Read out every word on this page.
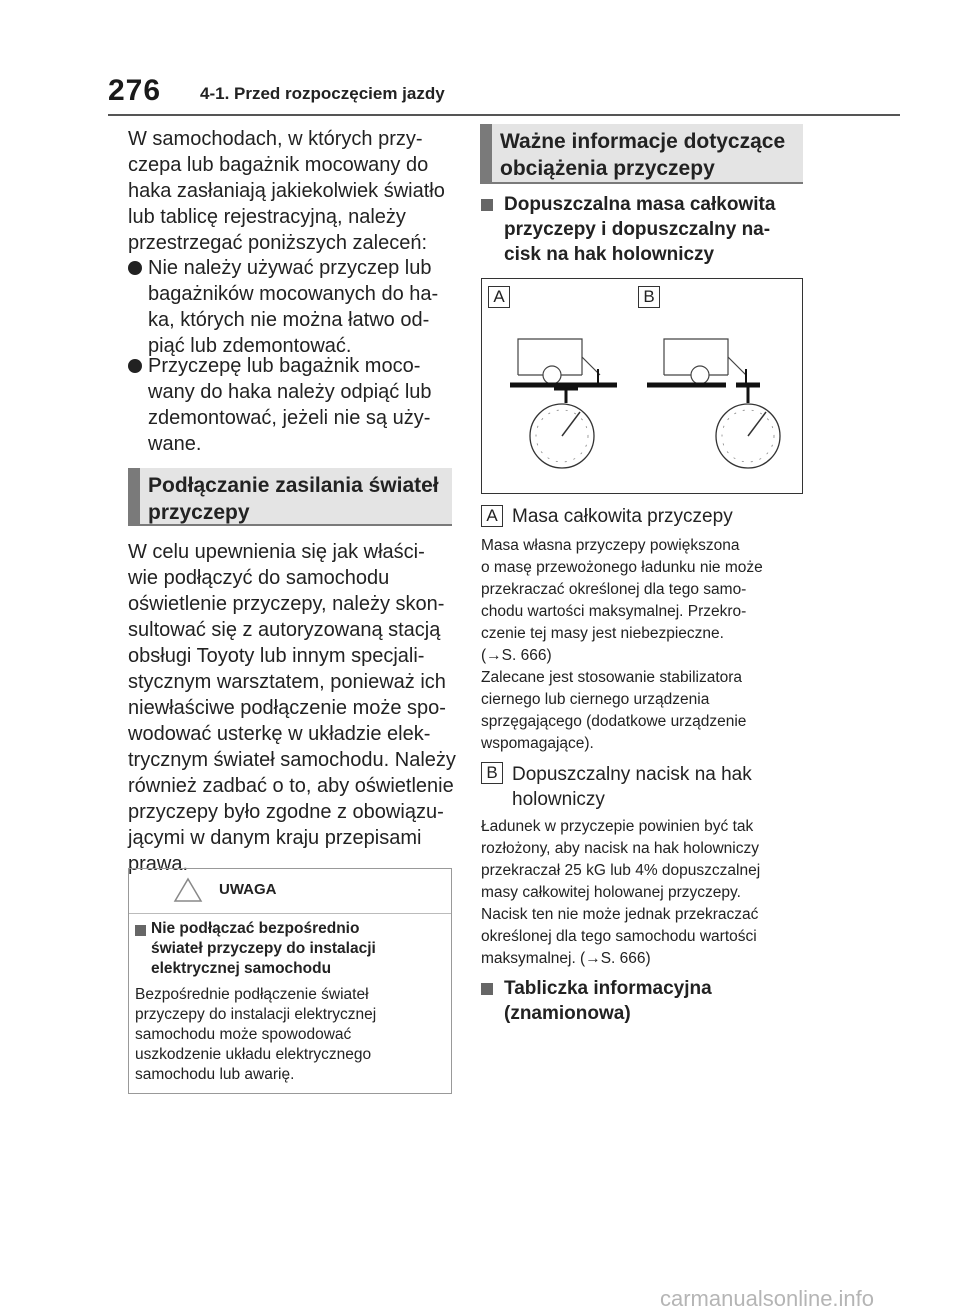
276 4-1. Przed rozpoczęciem jazdy
W samochodach, w których przy-
czepa lub bagażnik mocowany do
haka zasłaniają jakiekolwiek światło
lub tablicę rejestracyjną, należy
przestrzegać poniższych zaleceń:
Nie należy używać przyczep lub
bagażników mocowanych do ha-
ka, których nie można łatwo od-
piąć lub zdemontować.
Przyczepę lub bagażnik moco-
wany do haka należy odpiąć lub
zdemontować, jeżeli nie są uży-
wane.
Podłączanie zasilania świateł
przyczepy
W celu upewnienia się jak właści-
wie podłączyć do samochodu
oświetlenie przyczepy, należy skon-
sultować się z autoryzowaną stacją
obsługi Toyoty lub innym specjali-
stycznym warsztatem, ponieważ ich
niewłaściwe podłączenie może spo-
wodować usterkę w układzie elek-
trycznym świateł samochodu. Należy
również zadbać o to, aby oświetlenie
przyczepy było zgodne z obowiązu-
jącymi w danym kraju przepisami
prawa.
UWAGA
Nie podłączać bezpośrednio
świateł przyczepy do instalacji
elektrycznej samochodu
Bezpośrednie podłączenie świateł
przyczepy do instalacji elektrycznej
samochodu może spowodować
uszkodzenie układu elektrycznego
samochodu lub awarię.
Ważne informacje dotyczące
obciążenia przyczepy
Dopuszczalna masa całkowita
przyczepy i dopuszczalny na-
cisk na hak holowniczy
A	B
A Masa całkowita przyczepy
Masa własna przyczepy powiększona
o masę przewożonego ładunku nie może
przekraczać określonej dla tego samo-
chodu wartości maksymalnej. Przekro-
czenie tej masy jest niebezpieczne.
(→S. 666)
Zalecane jest stosowanie stabilizatora
ciernego lub ciernego urządzenia
sprzęgającego (dodatkowe urządzenie
wspomagające).
B Dopuszczalny nacisk na hak
holowniczy
Ładunek w przyczepie powinien być tak
rozłożony, aby nacisk na hak holowniczy
przekraczał 25 kG lub 4% dopuszczalnej
masy całkowitej holowanej przyczepy.
Nacisk ten nie może jednak przekraczać
określonej dla tego samochodu wartości
maksymalnej. (→S. 666)
Tabliczka informacyjna
(znamionowa)
carmanualsonline.info
